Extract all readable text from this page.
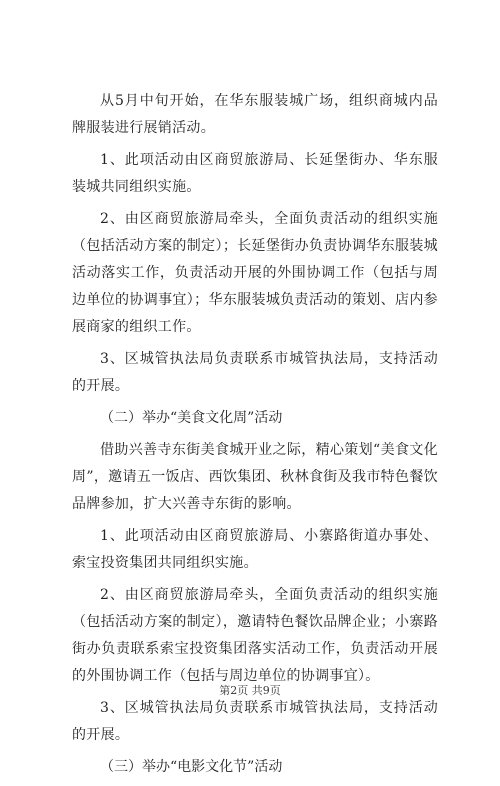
从5月中旬开始，在华东服装城广场，组织商城内品牌服装进行展销活动。

1、此项活动由区商贸旅游局、长延堡街办、华东服装城共同组织实施。

2、由区商贸旅游局牵头，全面负责活动的组织实施（包括活动方案的制定）；长延堡街办负责协调华东服装城活动落实工作，负责活动开展的外围协调工作（包括与周边单位的协调事宜）；华东服装城负责活动的策划、店内参展商家的组织工作。

3、区城管执法局负责联系市城管执法局，支持活动的开展。

（二）举办“美食文化周”活动

借助兴善寺东街美食城开业之际，精心策划“美食文化周”，邀请五一饭店、西饮集团、秋林食街及我市特色餐饮品牌参加，扩大兴善寺东街的影响。

1、此项活动由区商贸旅游局、小寨路街道办事处、索宝投资集团共同组织实施。

2、由区商贸旅游局牵头，全面负责活动的组织实施（包括活动方案的制定），邀请特色餐饮品牌企业；小寨路街办负责联系索宝投资集团落实活动工作，负责活动开展的外围协调工作（包括与周边单位的协调事宜）。

3、区城管执法局负责联系市城管执法局，支持活动的开展。

（三）举办“电影文化节”活动

第2页 共9页
